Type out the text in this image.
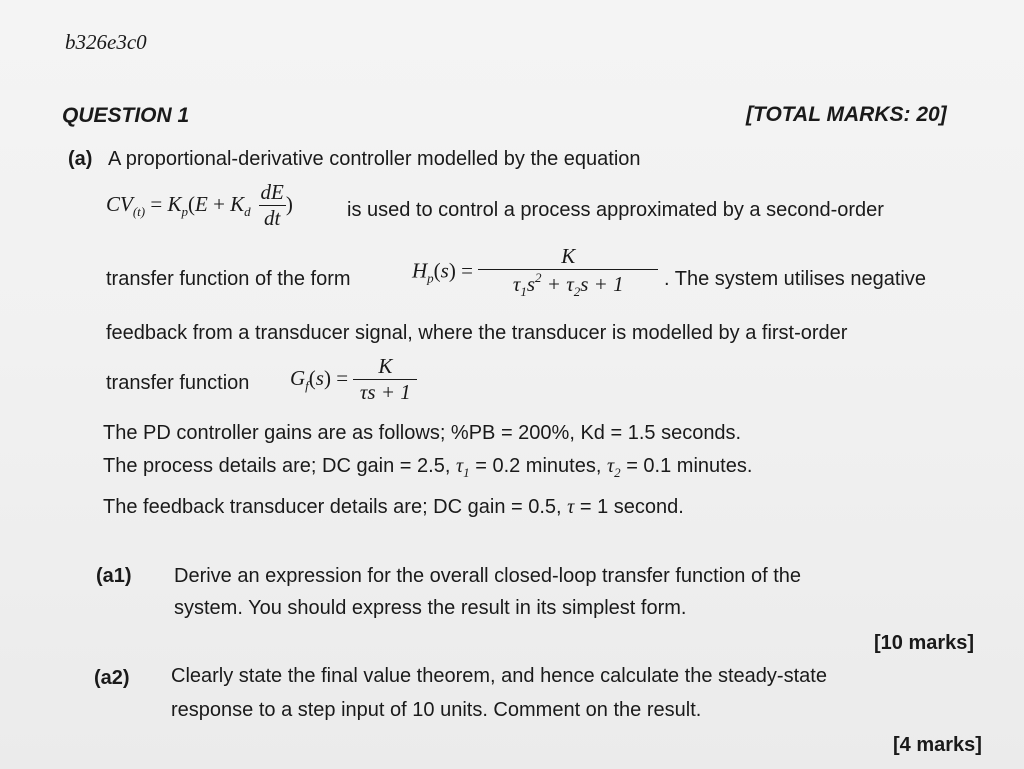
b326e3c0
QUESTION 1	[TOTAL MARKS: 20]
(a) A proportional-derivative controller modelled by the equation
$CV_{(t)} = K_p(E + K_d \frac{dE}{dt}$ )	is used to control a process approximated by a second-order
transfer function of the form	$H_p(s) = \frac{K}{\tau_1s^2 + \tau_2s + 1}$ . The system utilises negative
feedback from a transducer signal, where the transducer is modelled by a first-order
transfer function $G_f(s) = \frac{K}{\tau s + 1}$
The PD controller gains are as follows; %PB = 200%, Kd = 1.5 seconds.
The process details are; DC gain = 2.5, $\tau_1 = 0.2$ minutes, $\tau_2 = 0.1$ minutes.
The feedback transducer details are; DC gain = 0.5, τ = 1 second.
(a1) Derive an expression for the overall closed-loop transfer function of the
system. You should express the result in its simplest form.
[10 marks]
(a2) Clearly state the final value theorem, and hence calculate the steady-state
response to a step input of 10 units. Comment on the result.
[4 marks]
